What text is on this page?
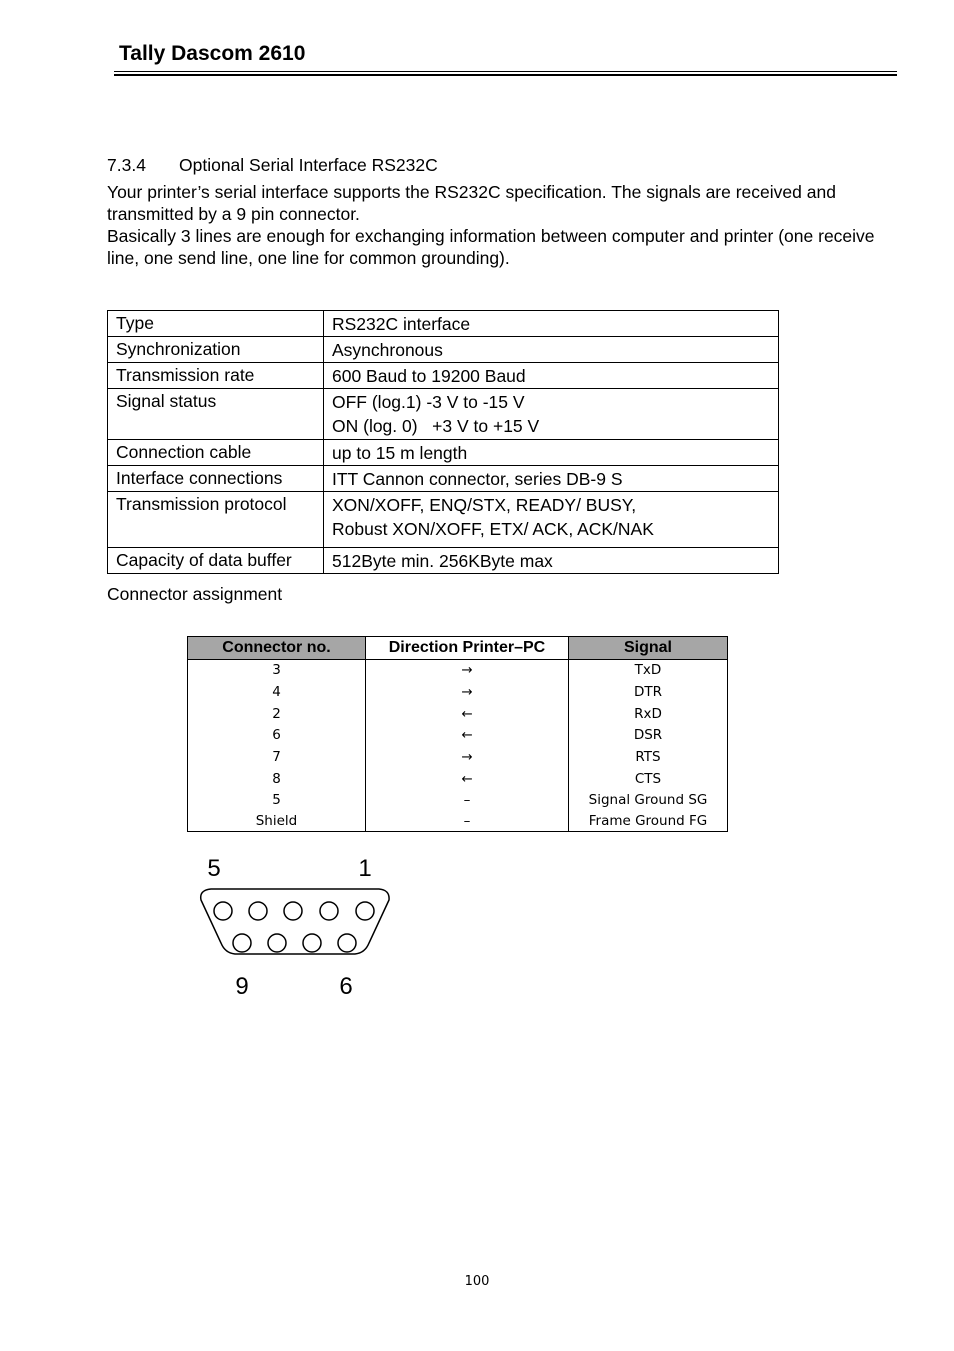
Tally Dascom 2610
7.3.4	Optional Serial Interface RS232C

Your printer’s serial interface supports the RS232C specification. The signals are received and transmitted by a 9 pin connector.

Basically 3 lines are enough for exchanging information between computer and printer (one receive line, one send line, one line for common grounding).

Type	RS232C interface

Synchronization	Asynchronous

Transmission rate	600 Baud to 19200 Baud

Signal status	OFF (log.1) -3 V to -15 V
ON (log. 0)   +3 V to +15 V

Connection cable	up to 15 m length

Interface connections	ITT Cannon connector, series DB-9 S

Transmission protocol	XON/XOFF, ENQ/STX, READY/ BUSY,
Robust XON/XOFF, ETX/ ACK, ACK/NAK

Capacity of data buffer	512Byte min. 256KByte max
Connector assignment
Connector no.	Direction Printer–PC	Signal
3	→	TxD
4	→	DTR
2	←	RxD
6	←	DSR
7	→	RTS
8	←	CTS
5	–	Signal Ground SG
Shield	–	Frame Ground FG
5	1
9	6
100
